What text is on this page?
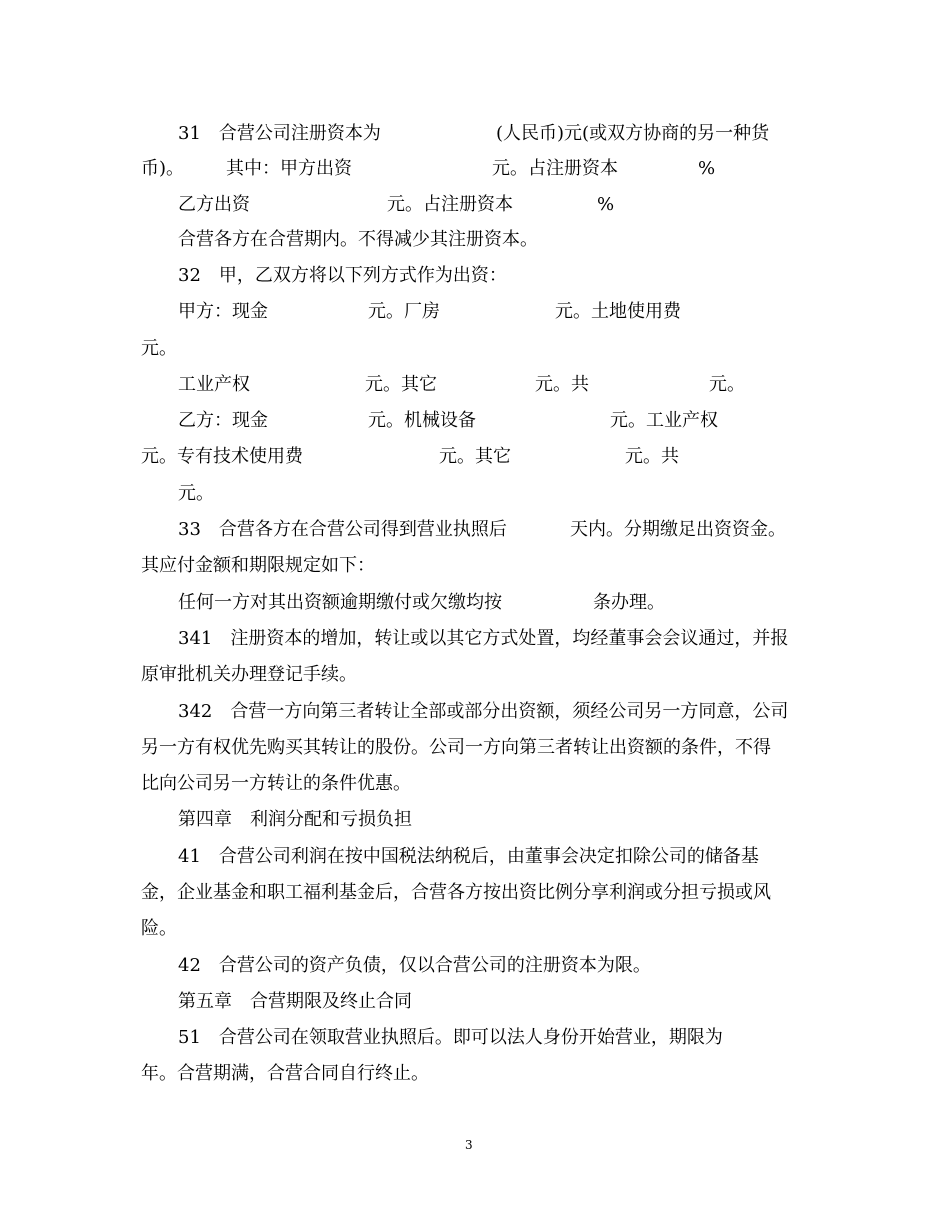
31　合营公司注册资本为	(人民币)元(或双方协商的另一种货
币)。 其中：甲方出资	元。占注册资本	%
乙方出资	元。占注册资本	%
合营各方在合营期内。不得减少其注册资本。
32　甲，乙双方将以下列方式作为出资：
甲方：现金	元。厂房	元。土地使用费
元。
工业产权	元。其它	元。共	元。
乙方：现金	元。机械设备	元。工业产权
元。专有技术使用费	元。其它	元。共
元。
33　合营各方在合营公司得到营业执照后	天内。分期缴足出资资金。
其应付金额和期限规定如下：
任何一方对其出资额逾期缴付或欠缴均按	条办理。
341　注册资本的增加，转让或以其它方式处置，均经董事会会议通过，并报
原审批机关办理登记手续。
342　合营一方向第三者转让全部或部分出资额，须经公司另一方同意，公司
另一方有权优先购买其转让的股份。公司一方向第三者转让出资额的条件，不得
比向公司另一方转让的条件优惠。
第四章　利润分配和亏损负担
41　合营公司利润在按中国税法纳税后，由董事会决定扣除公司的储备基
金，企业基金和职工福利基金后，合营各方按出资比例分享利润或分担亏损或风
险。
42　合营公司的资产负债，仅以合营公司的注册资本为限。
第五章　合营期限及终止合同
51　合营公司在领取营业执照后。即可以法人身份开始营业，期限为
年。合营期满，合营合同自行终止。
3
